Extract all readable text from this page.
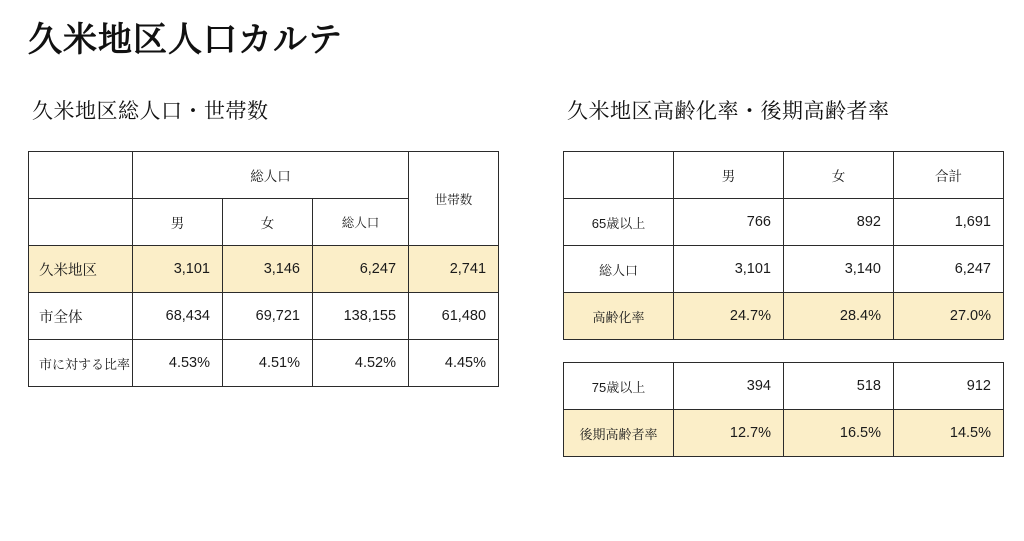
久米地区人口カルテ
久米地区総人口・世帯数
	総人口			世帯数
	男	女	総人口	
久米地区	3,101	3,146	6,247	2,741
市全体	68,434	69,721	138,155	61,480
市に対する比率	4.53%	4.51%	4.52%	4.45%
久米地区高齢化率・後期高齢者率
	男	女	合計
65歳以上	766	892	1,691
総人口	3,101	3,140	6,247
高齢化率	24.7%	28.4%	27.0%
75歳以上	394	518	912
後期高齢者率	12.7%	16.5%	14.5%
